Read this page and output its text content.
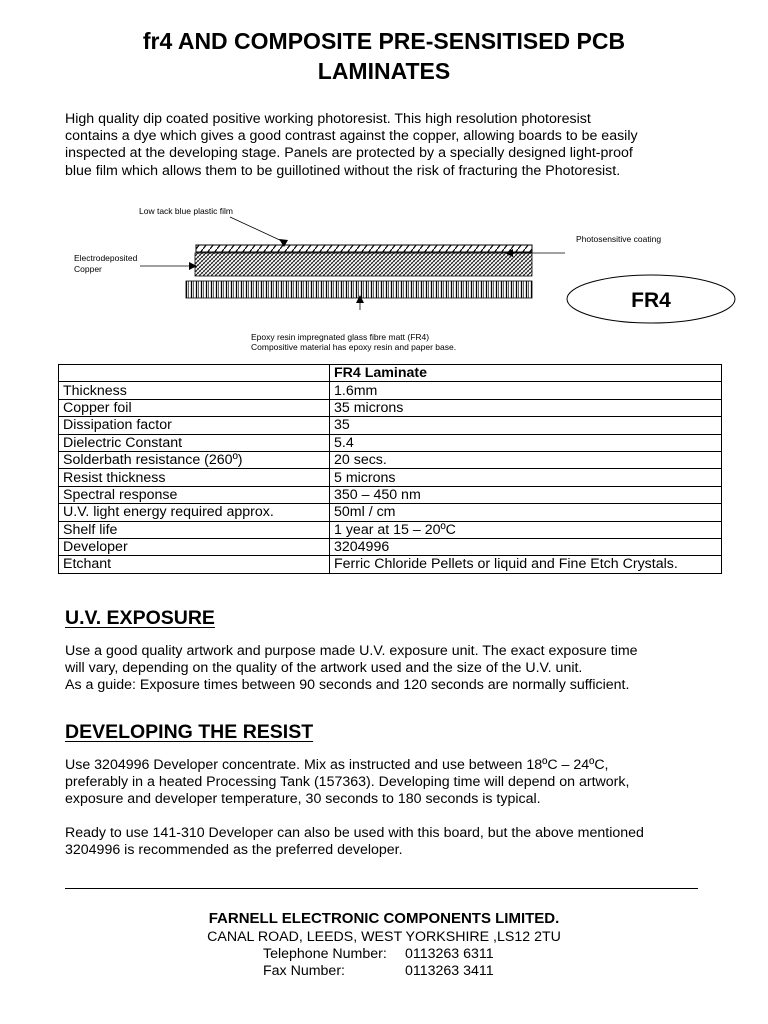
fr4 AND COMPOSITE PRE-SENSITISED PCB
LAMINATES
High quality dip coated positive working photoresist. This high resolution photoresist
contains a dye which gives a good contrast against the copper, allowing boards to be easily
inspected at the developing stage. Panels are protected by a specially designed light-proof
blue film which allows them to be guillotined without the risk of fracturing the Photoresist.
Low tack blue plastic film
Photosensitive coating
Electrodeposited
Copper
Epoxy resin impregnated glass fibre matt (FR4)
Compositive material has epoxy resin and paper base.
FR4
	FR4 Laminate
Thickness	1.6mm
Copper foil	35 microns
Dissipation factor	35
Dielectric Constant	5.4
Solderbath resistance (260º)	20 secs.
Resist thickness	5 microns
Spectral response	350 – 450 nm
U.V. light energy required approx.	50ml / cm
Shelf life	1 year at 15 – 20ºC
Developer	3204996
Etchant	Ferric Chloride Pellets or liquid and Fine Etch Crystals.
U.V. EXPOSURE
Use a good quality artwork and purpose made U.V. exposure unit. The exact exposure time
will vary, depending on the quality of the artwork used and the size of the U.V. unit.
As a guide: Exposure times between 90 seconds and 120 seconds are normally sufficient.
DEVELOPING THE RESIST
Use 3204996 Developer concentrate. Mix as instructed and use between 18ºC – 24ºC,
preferably in a heated Processing Tank (157363). Developing time will depend on artwork,
exposure and developer temperature, 30 seconds to 180 seconds is typical.
Ready to use 141-310 Developer can also be used with this board, but the above mentioned
3204996 is recommended as the preferred developer.
FARNELL ELECTRONIC COMPONENTS LIMITED.
CANAL ROAD, LEEDS, WEST YORKSHIRE ,LS12 2TU
Telephone Number: 0113263 6311
Fax Number:	0113263 3411
